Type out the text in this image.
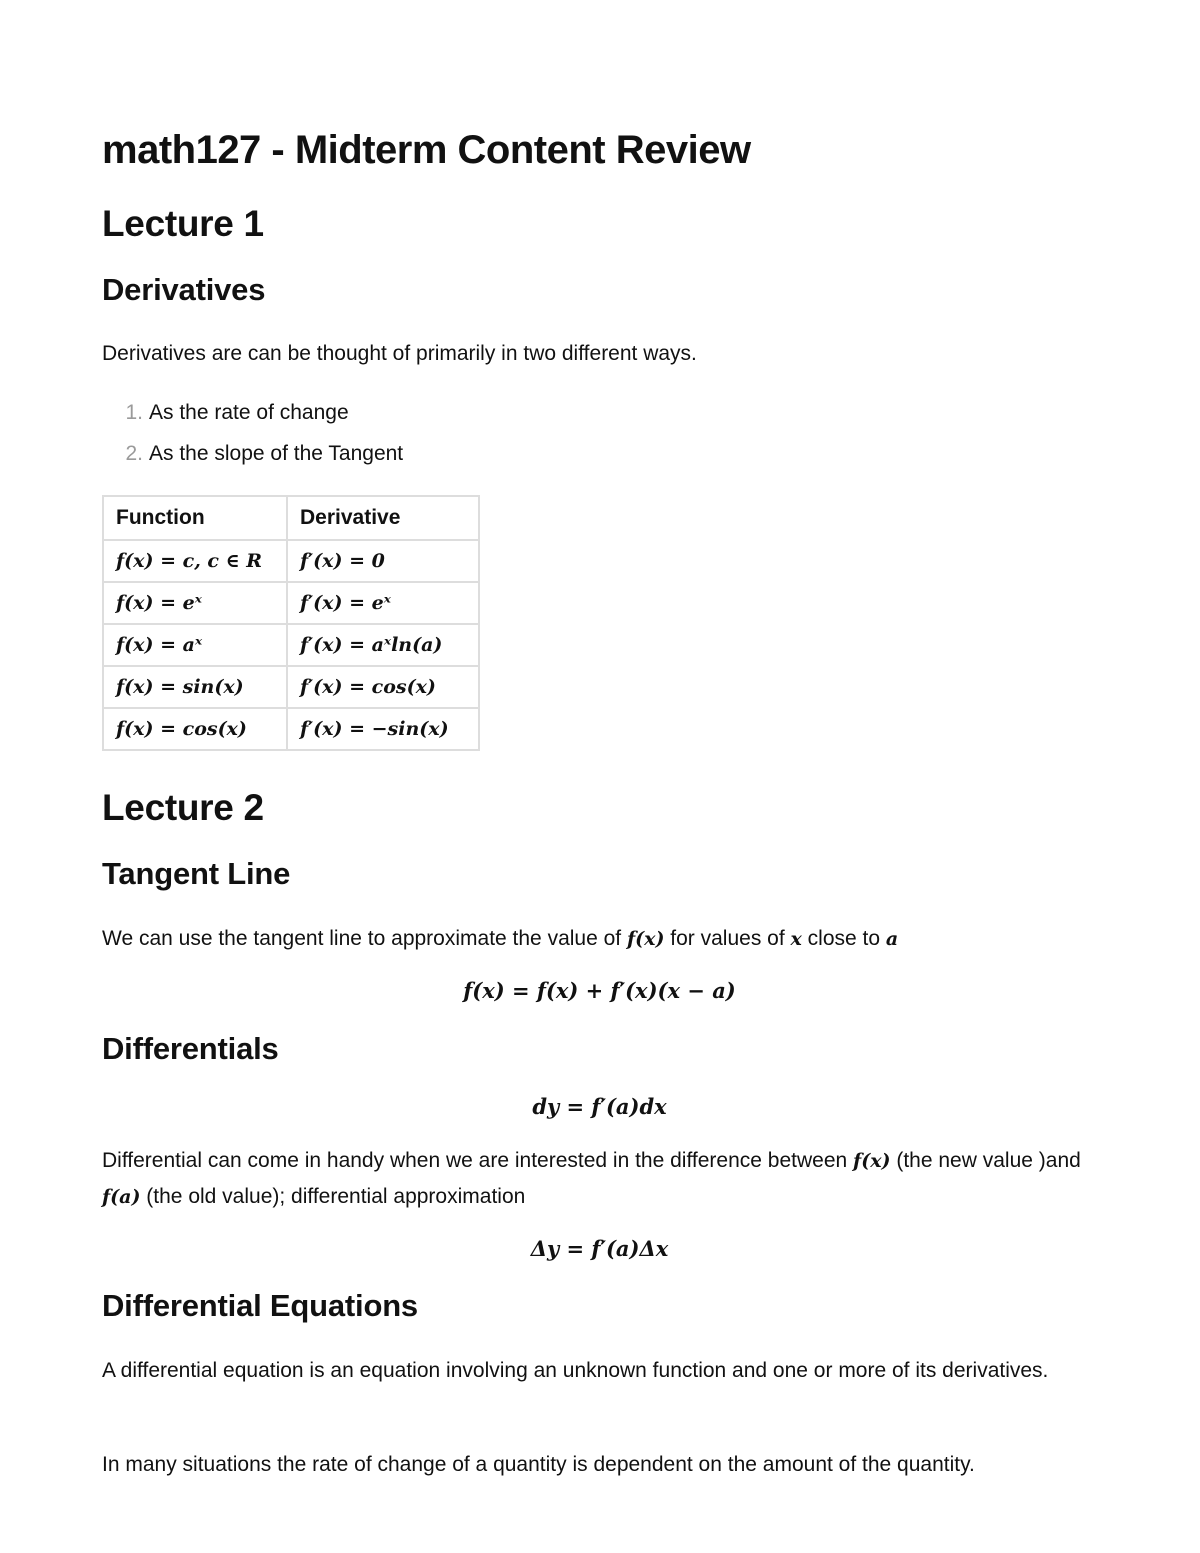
math127 - Midterm Content Review
Lecture 1
Derivatives

Derivatives are can be thought of primarily in two different ways.

1. As the rate of change
2. As the slope of the Tangent
Function	Derivative
f(x) = c, c ∈ R	f′(x) = 0
f(x) = eˣ	f′(x) = eˣ
f(x) = aˣ	f′(x) = aˣln(a)
f(x) = sin(x)	f′(x) = cos(x)
f(x) = cos(x)	f′(x) = −sin(x)
Lecture 2
Tangent Line

We can use the tangent line to approximate the value of f(x) for values of x close to a

f(x) = f(x) + f′(x)(x − a)

Differentials

dy = f′(a)dx

Differential can come in handy when we are interested in the difference between f(x) (the new value )and f(a) (the old value); differential approximation

Δy = f′(a)Δx

Differential Equations

A differential equation is an equation involving an unknown function and one or more of its derivatives.

In many situations the rate of change of a quantity is dependent on the amount of the quantity.
